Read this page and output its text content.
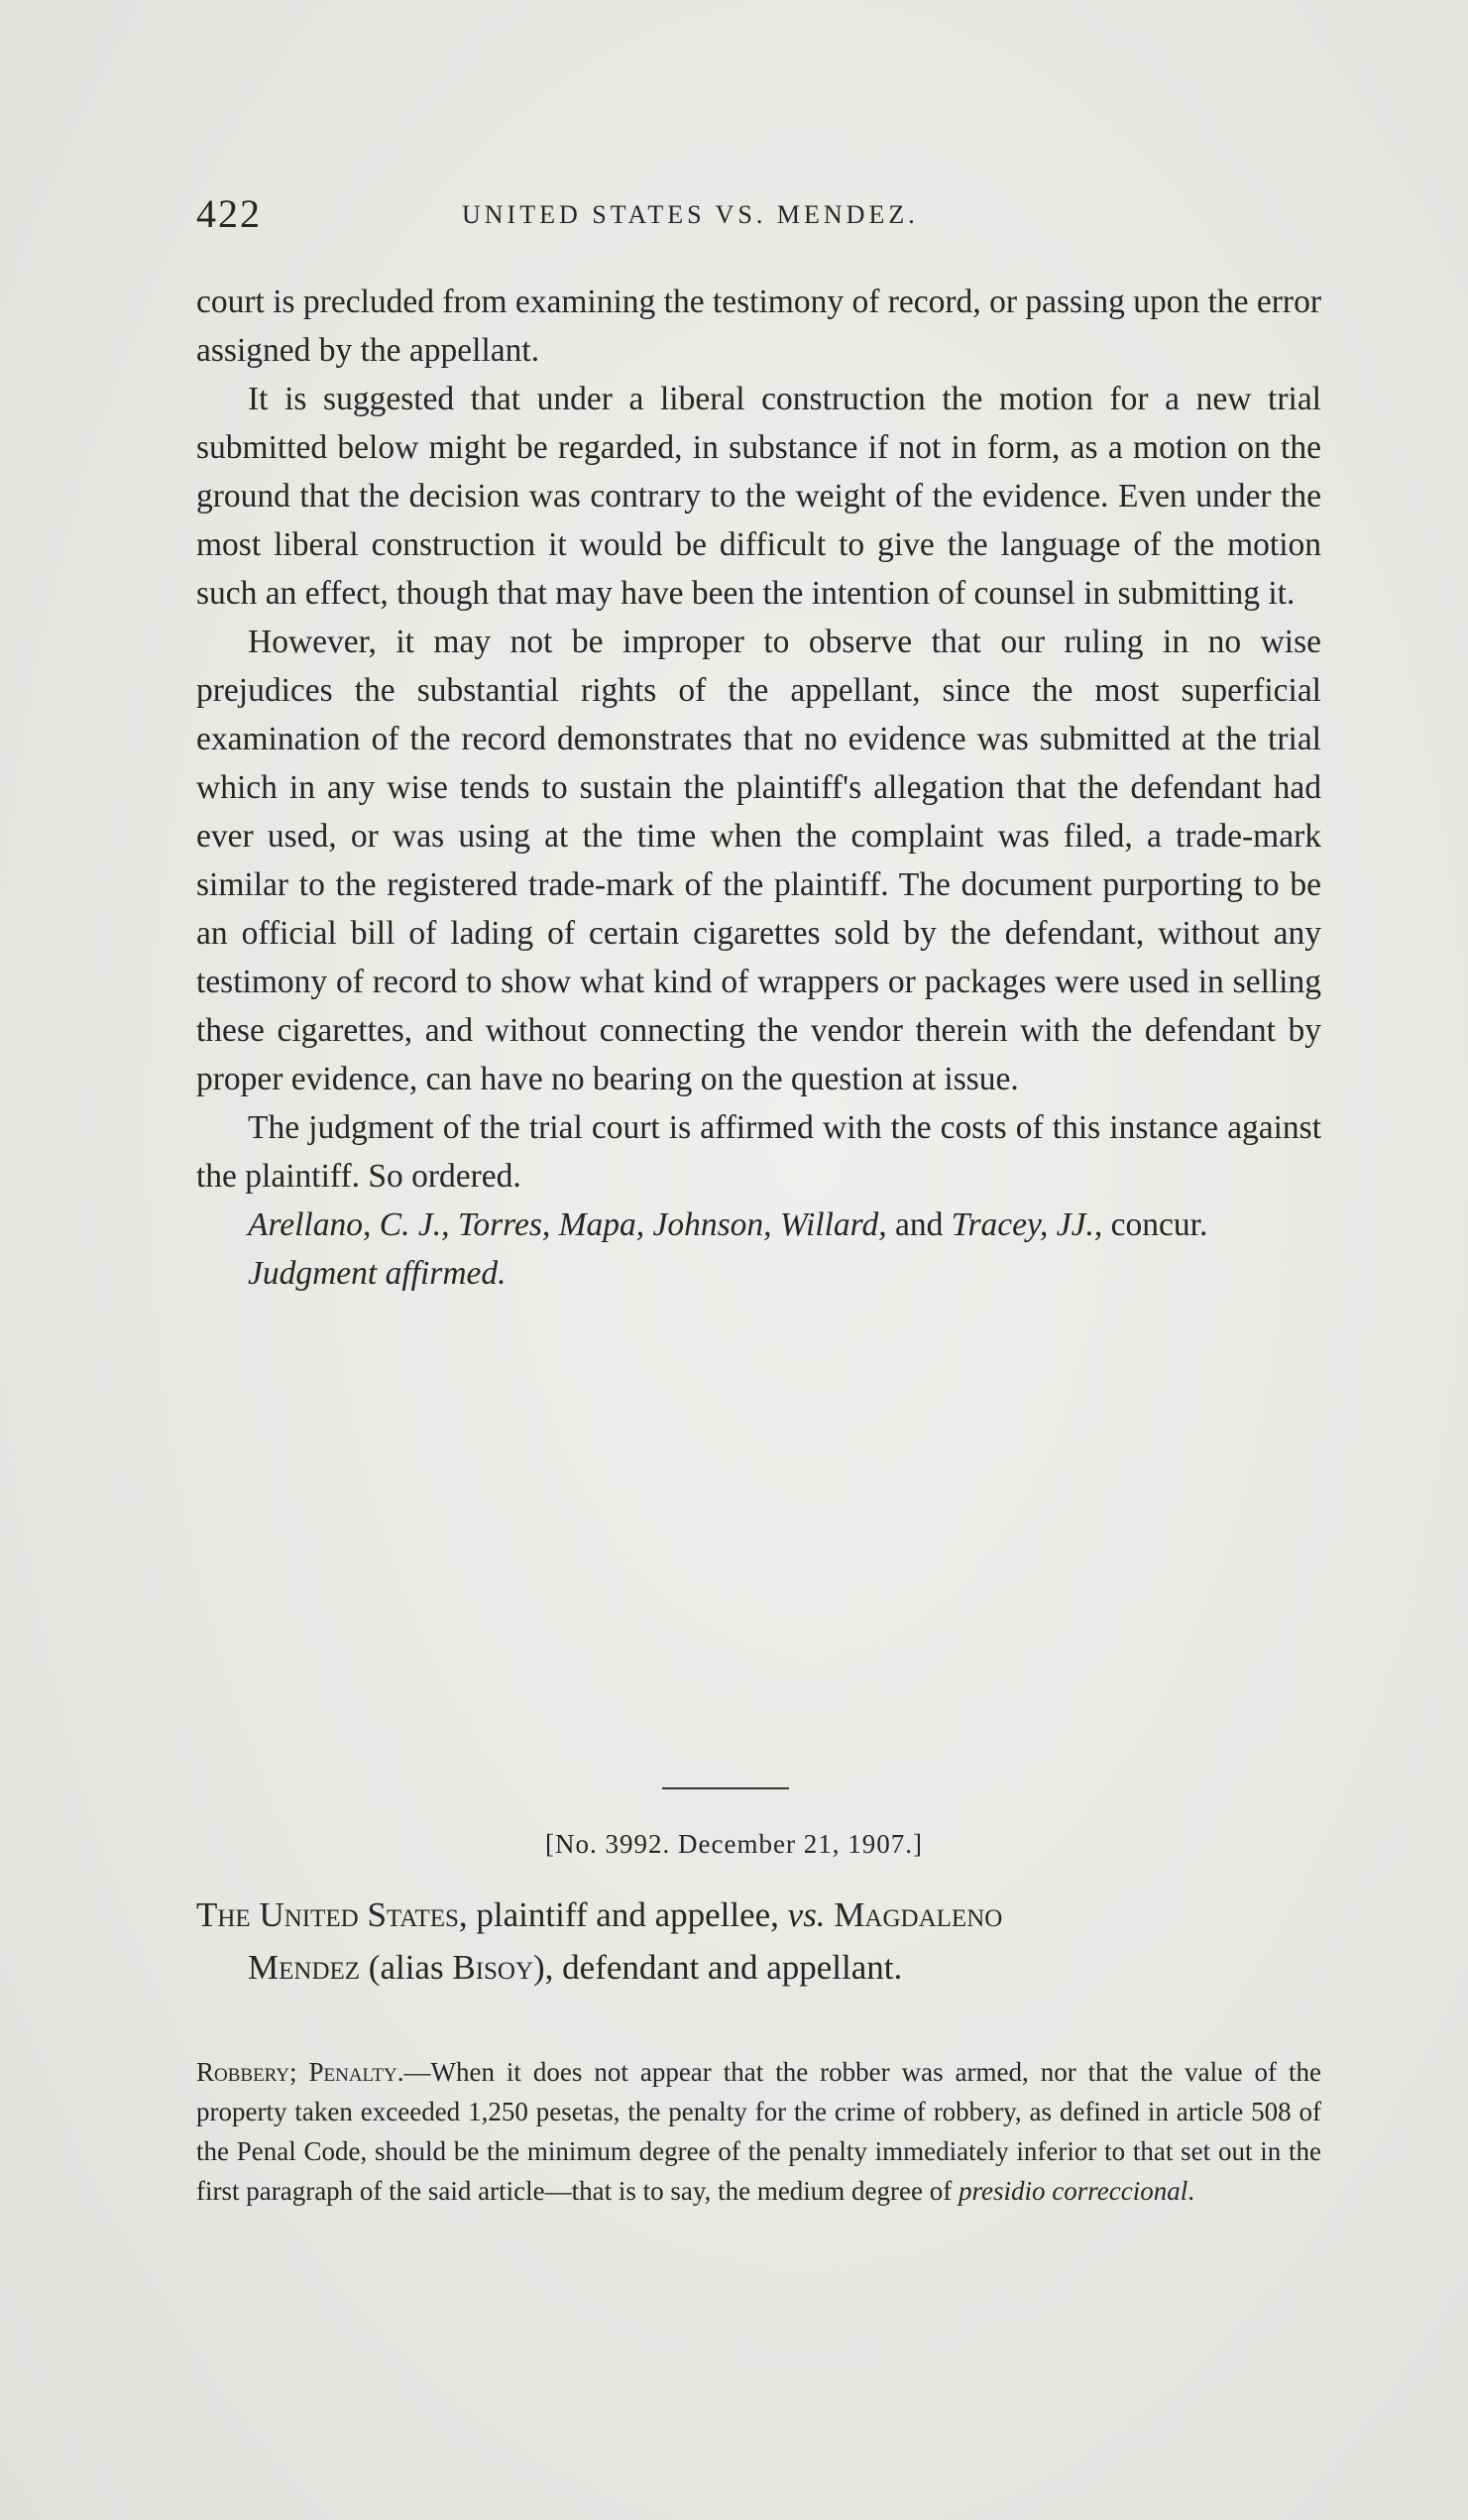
422	UNITED STATES VS. MENDEZ.

court is precluded from examining the testimony of record, or passing upon the error assigned by the appellant.

It is suggested that under a liberal construction the motion for a new trial submitted below might be regarded, in substance if not in form, as a motion on the ground that the decision was contrary to the weight of the evidence. Even under the most liberal construction it would be difficult to give the language of the motion such an effect, though that may have been the intention of counsel in submitting it.

However, it may not be improper to observe that our ruling in no wise prejudices the substantial rights of the appellant, since the most superficial examination of the record demonstrates that no evidence was submitted at the trial which in any wise tends to sustain the plaintiff's allegation that the defendant had ever used, or was using at the time when the complaint was filed, a trade-mark similar to the registered trade-mark of the plaintiff. The document purporting to be an official bill of lading of certain cigarettes sold by the defendant, without any testimony of record to show what kind of wrappers or packages were used in selling these cigarettes, and without connecting the vendor therein with the defendant by proper evidence, can have no bearing on the question at issue.

The judgment of the trial court is affirmed with the costs of this instance against the plaintiff. So ordered.

Arellano, C. J., Torres, Mapa, Johnson, Willard, and Tracey, JJ., concur.

Judgment affirmed.

[No. 3992. December 21, 1907.]
The United States, plaintiff and appellee, vs. Magdaleno
Mendez (alias Bisoy), defendant and appellant.
Robbery; Penalty.—When it does not appear that the robber was armed, nor that the value of the property taken exceeded 1,250 pesetas, the penalty for the crime of robbery, as defined in article 508 of the Penal Code, should be the minimum degree of the penalty immediately inferior to that set out in the first paragraph of the said article—that is to say, the medium degree of presidio correccional.
